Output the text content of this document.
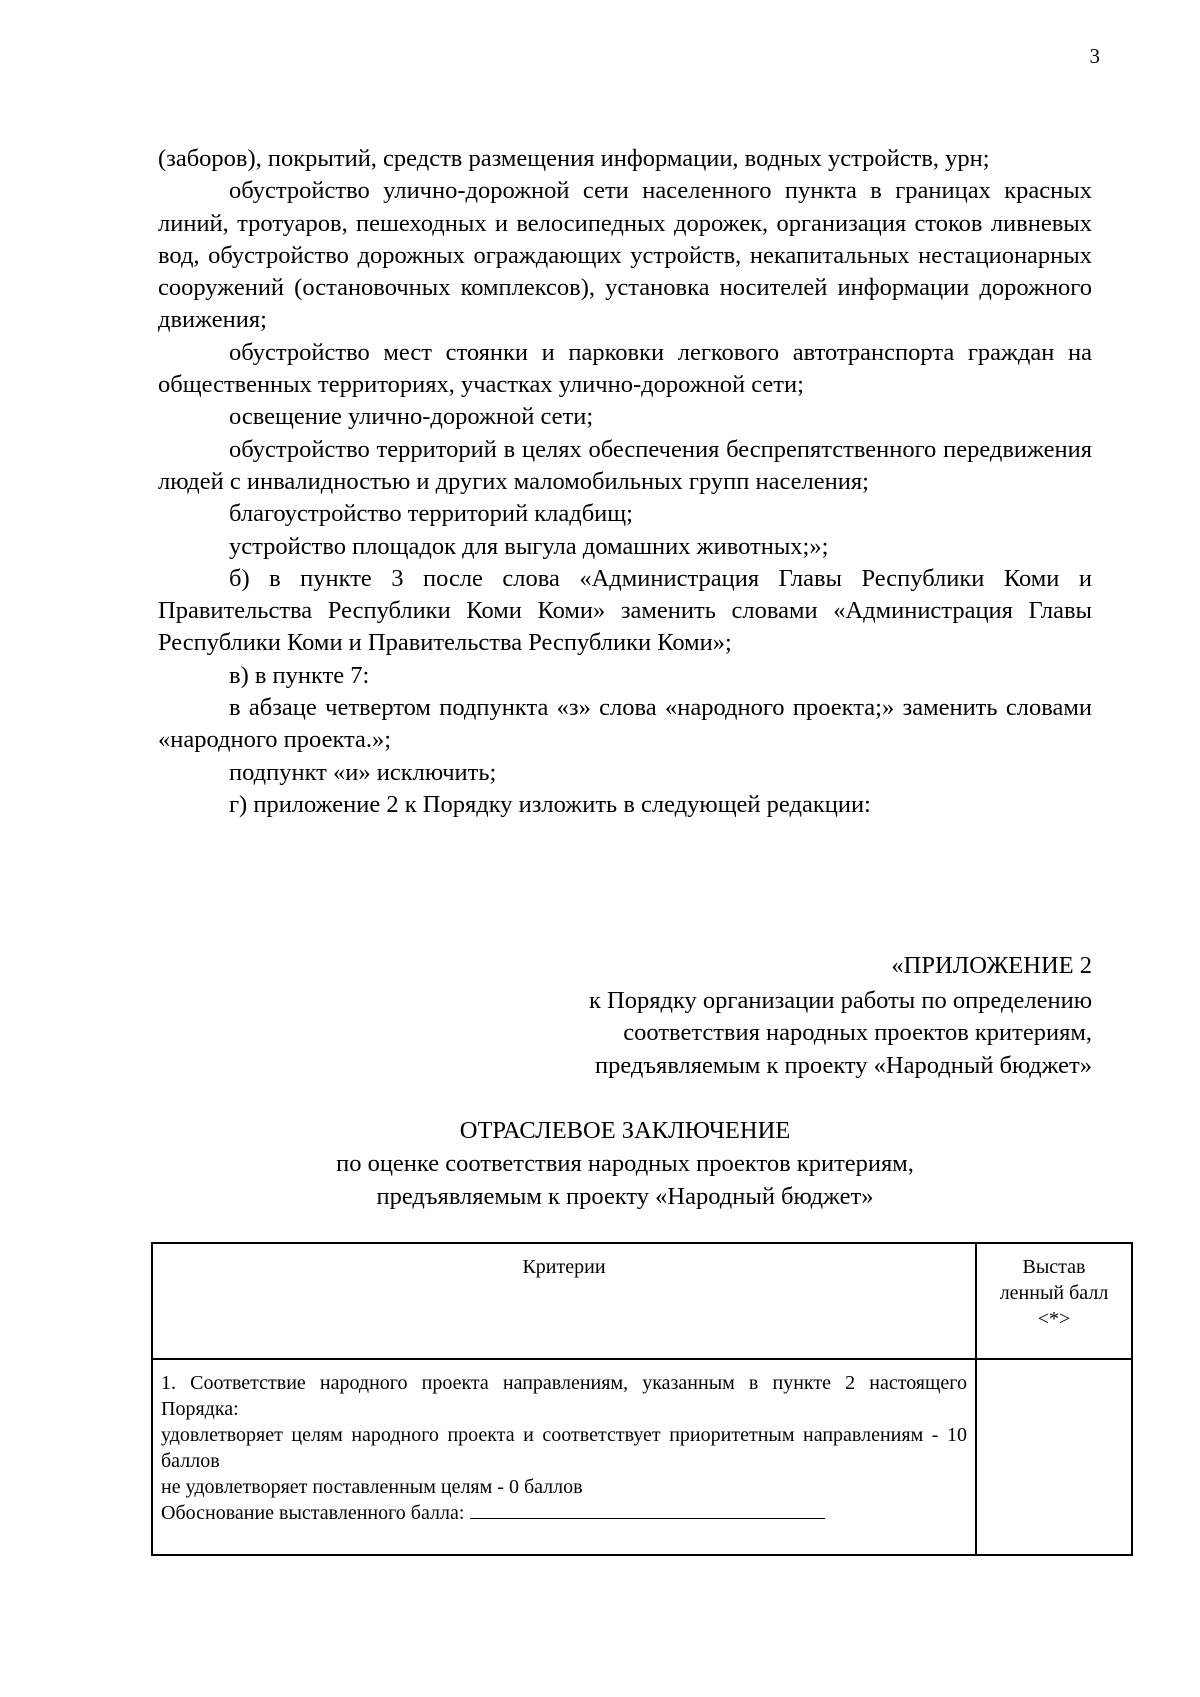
3

(заборов), покрытий, средств размещения информации, водных устройств, урн;

обустройство улично-дорожной сети населенного пункта в границах красных линий, тротуаров, пешеходных и велосипедных дорожек, организация стоков ливневых вод, обустройство дорожных ограждающих устройств, некапитальных нестационарных сооружений (остановочных комплексов), установка носителей информации дорожного движения;

обустройство мест стоянки и парковки легкового автотранспорта граждан на общественных территориях, участках улично-дорожной сети;

освещение улично-дорожной сети;

обустройство территорий в целях обеспечения беспрепятственного передвижения людей с инвалидностью и других маломобильных групп населения;

благоустройство территорий кладбищ;

устройство площадок для выгула домашних животных;»;

б) в пункте 3 после слова «Администрация Главы Республики Коми и Правительства Республики Коми Коми» заменить словами «Администрация Главы Республики Коми и Правительства Республики Коми»;

в) в пункте 7:

в абзаце четвертом подпункта «з» слова «народного проекта;» заменить словами «народного проекта.»;

подпункт «и» исключить;

г) приложение 2 к Порядку изложить в следующей редакции:

«ПРИЛОЖЕНИЕ 2
к Порядку организации работы по определению
соответствия народных проектов критериям,
предъявляемым к проекту «Народный бюджет»
ОТРАСЛЕВОЕ ЗАКЛЮЧЕНИЕ
по оценке соответствия народных проектов критериям,
предъявляемым к проекту «Народный бюджет»
Критерии	Выстав
ленный балл
<*>

1. Соответствие народного проекта направлениям, указанным в пункте 2 настоящего Порядка:
удовлетворяет целям народного проекта и соответствует приоритетным направлениям - 10 баллов
не удовлетворяет поставленным целям - 0 баллов
Обоснование выставленного балла:	
